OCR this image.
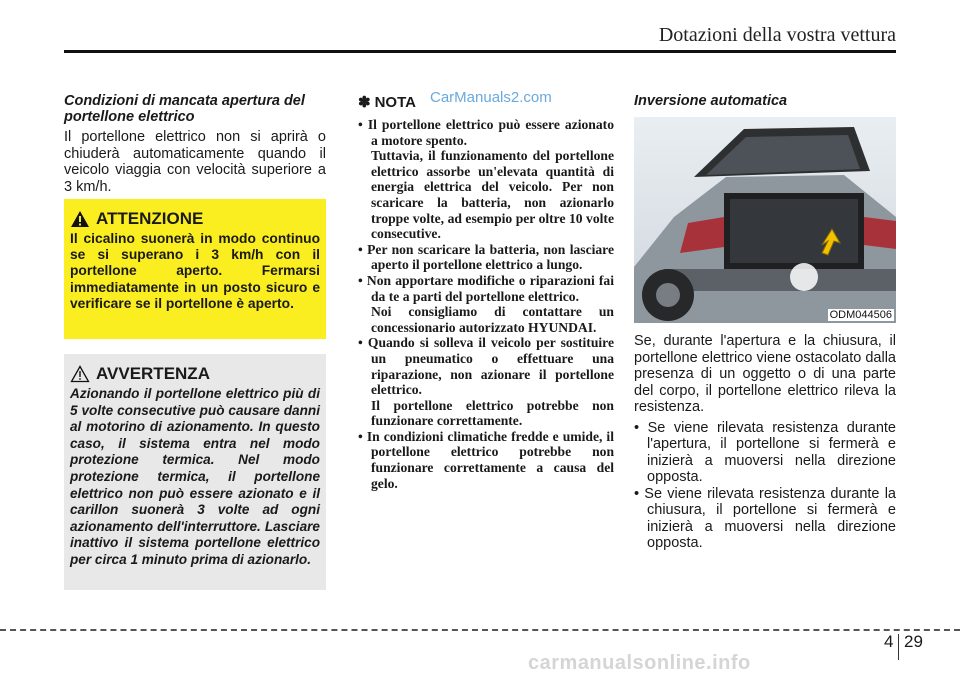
Dotazioni della vostra vettura

Condizioni di mancata apertura del portellone elettrico

Il portellone elettrico non si aprirà o chiuderà automaticamente quando il veicolo viaggia con velocità superiore a 3 km/h.

ATTENZIONE

Il cicalino suonerà in modo continuo se si superano i 3 km/h con il portellone aperto. Fermarsi immediatamente in un posto sicuro e verificare se il portellone è aperto.

AVVERTENZA

Azionando il portellone elettrico più di 5 volte consecutive può causare danni al motorino di azionamento. In questo caso, il sistema entra nel modo protezione termica. Nel modo protezione termica, il portellone elettrico non può essere azionato e il carillon suonerà 3 volte ad ogni azionamento dell'interruttore. Lasciare inattivo il sistema portellone elettrico per circa 1 minuto prima di azionarlo.

✽ NOTA CarManuals2.com
• Il portellone elettrico può essere azionato a motore spento.
Tuttavia, il funzionamento del portellone elettrico assorbe un'elevata quantità di energia elettrica del veicolo. Per non scaricare la batteria, non azionarlo troppe volte, ad esempio per oltre 10 volte consecutive.
• Per non scaricare la batteria, non lasciare aperto il portellone elettrico a lungo.
• Non apportare modifiche o riparazioni fai da te a parti del portellone elettrico.
Noi consigliamo di contattare un concessionario autorizzato HYUNDAI.
• Quando si solleva il veicolo per sostituire un pneumatico o effettuare una riparazione, non azionare il portellone elettrico.
Il portellone elettrico potrebbe non funzionare correttamente.
• In condizioni climatiche fredde e umide, il portellone elettrico potrebbe non funzionare correttamente a causa del gelo.

Inversione automatica

ODM044506

Se, durante l'apertura e la chiusura, il portellone elettrico viene ostacolato dalla presenza di un oggetto o di una parte del corpo, il portellone elettrico rileva la resistenza.

• Se viene rilevata resistenza durante l'apertura, il portellone si fermerà e inizierà a muoversi nella direzione opposta.
• Se viene rilevata resistenza durante la chiusura, il portellone si fermerà e inizierà a muoversi nella direzione opposta.
4 29
carmanualsonline.info
